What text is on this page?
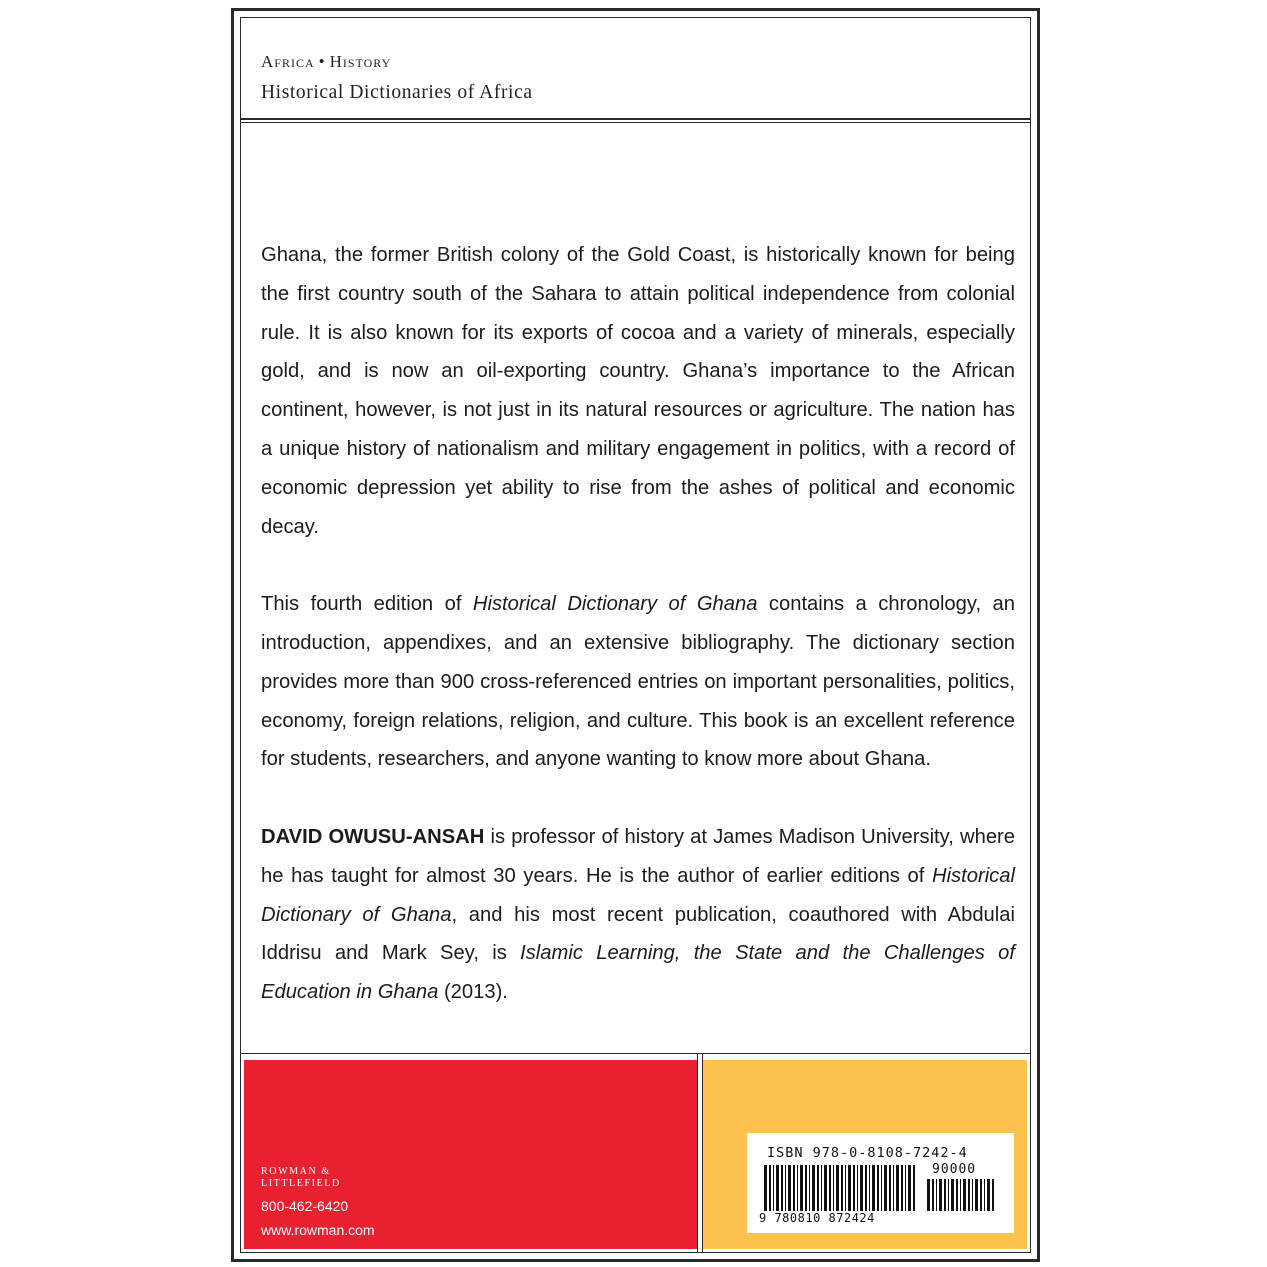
Africa • History
Historical Dictionaries of Africa

Ghana, the former British colony of the Gold Coast, is historically known for being the first country south of the Sahara to attain political independence from colonial rule. It is also known for its exports of cocoa and a variety of minerals, especially gold, and is now an oil-exporting country. Ghana’s importance to the African continent, however, is not just in its natural resources or agriculture. The nation has a unique history of nationalism and military engagement in politics, with a record of economic depression yet ability to rise from the ashes of political and economic decay.

This fourth edition of Historical Dictionary of Ghana contains a chronology, an introduction, appendixes, and an extensive bibliography. The dictionary section provides more than 900 cross-referenced entries on important personalities, politics, economy, foreign relations, religion, and culture. This book is an excellent reference for students, researchers, and anyone wanting to know more about Ghana.

DAVID OWUSU-ANSAH is professor of history at James Madison University, where he has taught for almost 30 years. He is the author of earlier editions of Historical Dictionary of Ghana, and his most recent publication, coauthored with Abdulai Iddrisu and Mark Sey, is Islamic Learning, the State and the Challenges of Education in Ghana (2013).

ROWMAN &
LITTLEFIELD
800-462-6420
www.rowman.com
ISBN 978-0-8108-7242-4
90000
9 780810 872424
